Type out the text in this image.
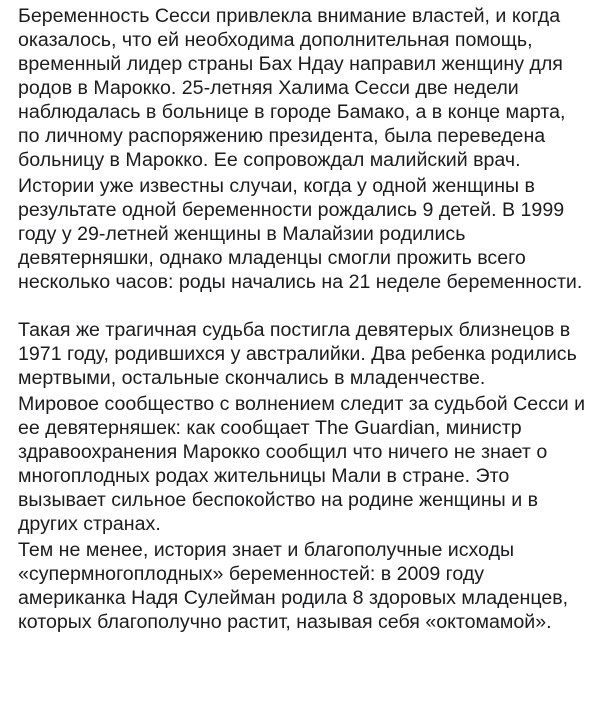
Беременность Сесси привлекла внимание властей, и когда оказалось, что ей необходима дополнительная помощь, временный лидер страны Бах Ндау направил женщину для родов в Марокко. 25-летняя Халима Сесси две недели наблюдалась в больнице в городе Бамако, а в конце марта, по личному распоряжению президента, была переведена больницу в Марокко. Ее сопровождал малийский врач.

Истории уже известны случаи, когда у одной женщины в результате одной беременности рождались 9 детей. В 1999 году у 29-летней женщины в Малайзии родились девятерняшки, однако младенцы смогли прожить всего несколько часов: роды начались на 21 неделе беременности.

Такая же трагичная судьба постигла девятерых близнецов в 1971 году, родившихся у австралийки. Два ребенка родились мертвыми, остальные скончались в младенчестве.

Мировое сообщество с волнением следит за судьбой Сесси и ее девятерняшек: как сообщает The Guardian, министр здравоохранения Марокко сообщил что ничего не знает о многоплодных родах жительницы Мали в стране. Это вызывает сильное беспокойство на родине женщины и в других странах.

Тем не менее, история знает и благополучные исходы «супермногоплодных» беременностей: в 2009 году американка Надя Сулейман родила 8 здоровых младенцев, которых благополучно растит, называя себя «октомамой».
